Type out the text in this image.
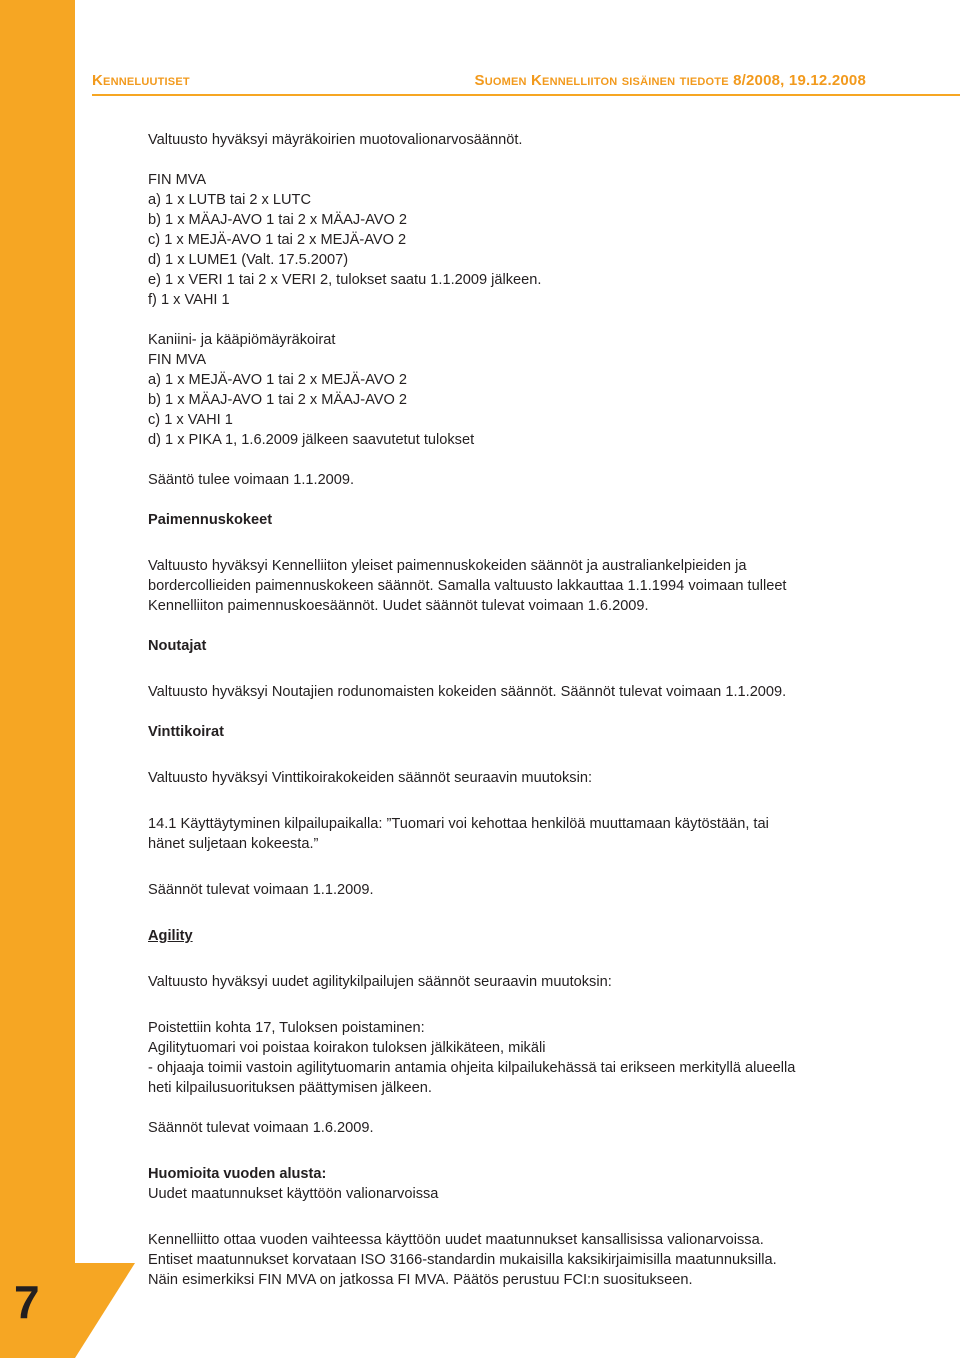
Kenneluutiset	Suomen Kennelliiton sisäinen tiedote 8/2008, 19.12.2008

Valtuusto hyväksyi mäyräkoirien muotovalionarvosäännöt.

FIN MVA

a) 1 x LUTB tai 2 x LUTC

b) 1 x MÄAJ-AVO 1 tai 2 x MÄAJ-AVO 2

c) 1 x MEJÄ-AVO 1 tai 2 x MEJÄ-AVO 2

d) 1 x LUME1 (Valt. 17.5.2007)

e) 1 x VERI 1 tai 2 x VERI 2, tulokset saatu 1.1.2009 jälkeen.

f) 1 x VAHI 1

Kaniini- ja kääpiömäyräkoirat

FIN MVA

a) 1 x MEJÄ-AVO 1 tai 2 x MEJÄ-AVO 2

b) 1 x MÄAJ-AVO 1 tai 2 x MÄAJ-AVO 2

c) 1 x VAHI 1

d) 1 x PIKA 1, 1.6.2009 jälkeen saavutetut tulokset

Sääntö tulee voimaan 1.1.2009.

Paimennuskokeet

Valtuusto hyväksyi Kennelliiton yleiset paimennuskokeiden säännöt ja australiankelpieiden ja

bordercollieiden paimennuskokeen säännöt. Samalla valtuusto lakkauttaa 1.1.1994 voimaan tulleet

Kennelliiton paimennuskoesäännöt. Uudet säännöt tulevat voimaan 1.6.2009.

Noutajat

Valtuusto hyväksyi Noutajien rodunomaisten kokeiden säännöt. Säännöt tulevat voimaan 1.1.2009.

Vinttikoirat

Valtuusto hyväksyi Vinttikoirakokeiden säännöt seuraavin muutoksin:

14.1 Käyttäytyminen kilpailupaikalla: ”Tuomari voi kehottaa henkilöä muuttamaan käytöstään, tai

hänet suljetaan kokeesta.”

Säännöt tulevat voimaan 1.1.2009.

Agility

Valtuusto hyväksyi uudet agilitykilpailujen säännöt seuraavin muutoksin:

Poistettiin kohta 17, Tuloksen poistaminen:

Agilitytuomari voi poistaa koirakon tuloksen jälkikäteen, mikäli

- ohjaaja toimii vastoin agilitytuomarin antamia ohjeita kilpailukehässä tai erikseen merkityllä alueella

heti kilpailusuorituksen päättymisen jälkeen.

Säännöt tulevat voimaan 1.6.2009.

Huomioita vuoden alusta:

Uudet maatunnukset käyttöön valionarvoissa

Kennelliitto ottaa vuoden vaihteessa käyttöön uudet maatunnukset kansallisissa valionarvoissa.

Entiset maatunnukset korvataan ISO 3166-standardin mukaisilla kaksikirjaimisilla maatunnuksilla.

Näin esimerkiksi FIN MVA on jatkossa FI MVA. Päätös perustuu FCI:n suositukseen.

7
